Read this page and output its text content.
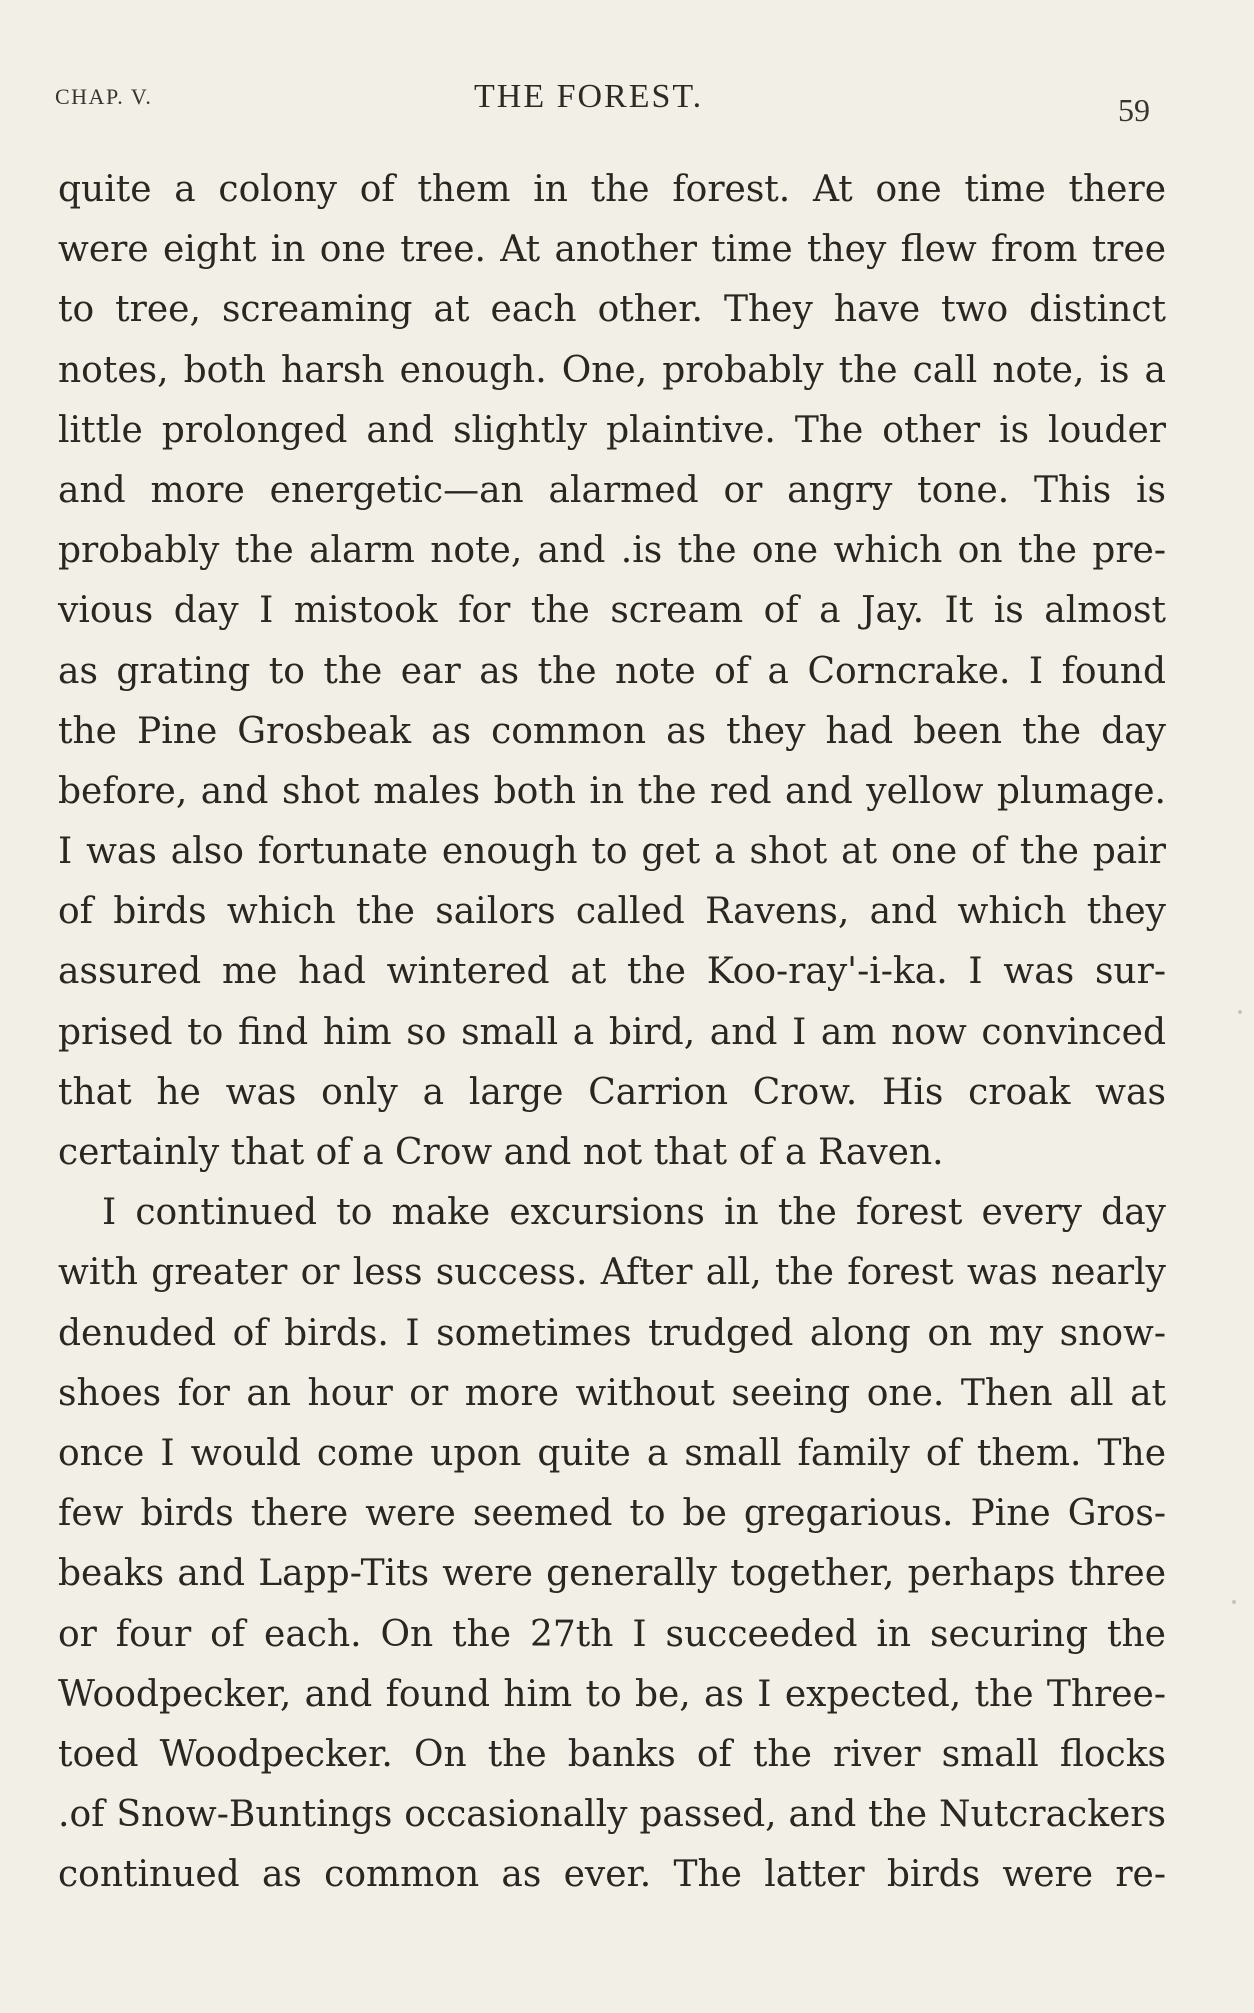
CHAP. V.	THE FOREST.	59
quite a colony of them in the forest. At one time there
were eight in one tree. At another time they flew from tree
to tree, screaming at each other. They have two distinct
notes, both harsh enough. One, probably the call note, is a
little prolonged and slightly plaintive. The other is louder
and more energetic—an alarmed or angry tone. This is
probably the alarm note, and .is the one which on the pre-
vious day I mistook for the scream of a Jay. It is almost
as grating to the ear as the note of a Corncrake. I found
the Pine Grosbeak as common as they had been the day
before, and shot males both in the red and yellow plumage.
I was also fortunate enough to get a shot at one of the pair
of birds which the sailors called Ravens, and which they
assured me had wintered at the Koo-ray'-i-ka. I was sur-
prised to find him so small a bird, and I am now convinced
that he was only a large Carrion Crow. His croak was
certainly that of a Crow and not that of a Raven.
I continued to make excursions in the forest every day
with greater or less success. After all, the forest was nearly
denuded of birds. I sometimes trudged along on my snow-
shoes for an hour or more without seeing one. Then all at
once I would come upon quite a small family of them. The
few birds there were seemed to be gregarious. Pine Gros-
beaks and Lapp-Tits were generally together, perhaps three
or four of each. On the 27th I succeeded in securing the
Woodpecker, and found him to be, as I expected, the Three-
toed Woodpecker. On the banks of the river small flocks
.of Snow-Buntings occasionally passed, and the Nutcrackers
continued as common as ever. The latter birds were re-
